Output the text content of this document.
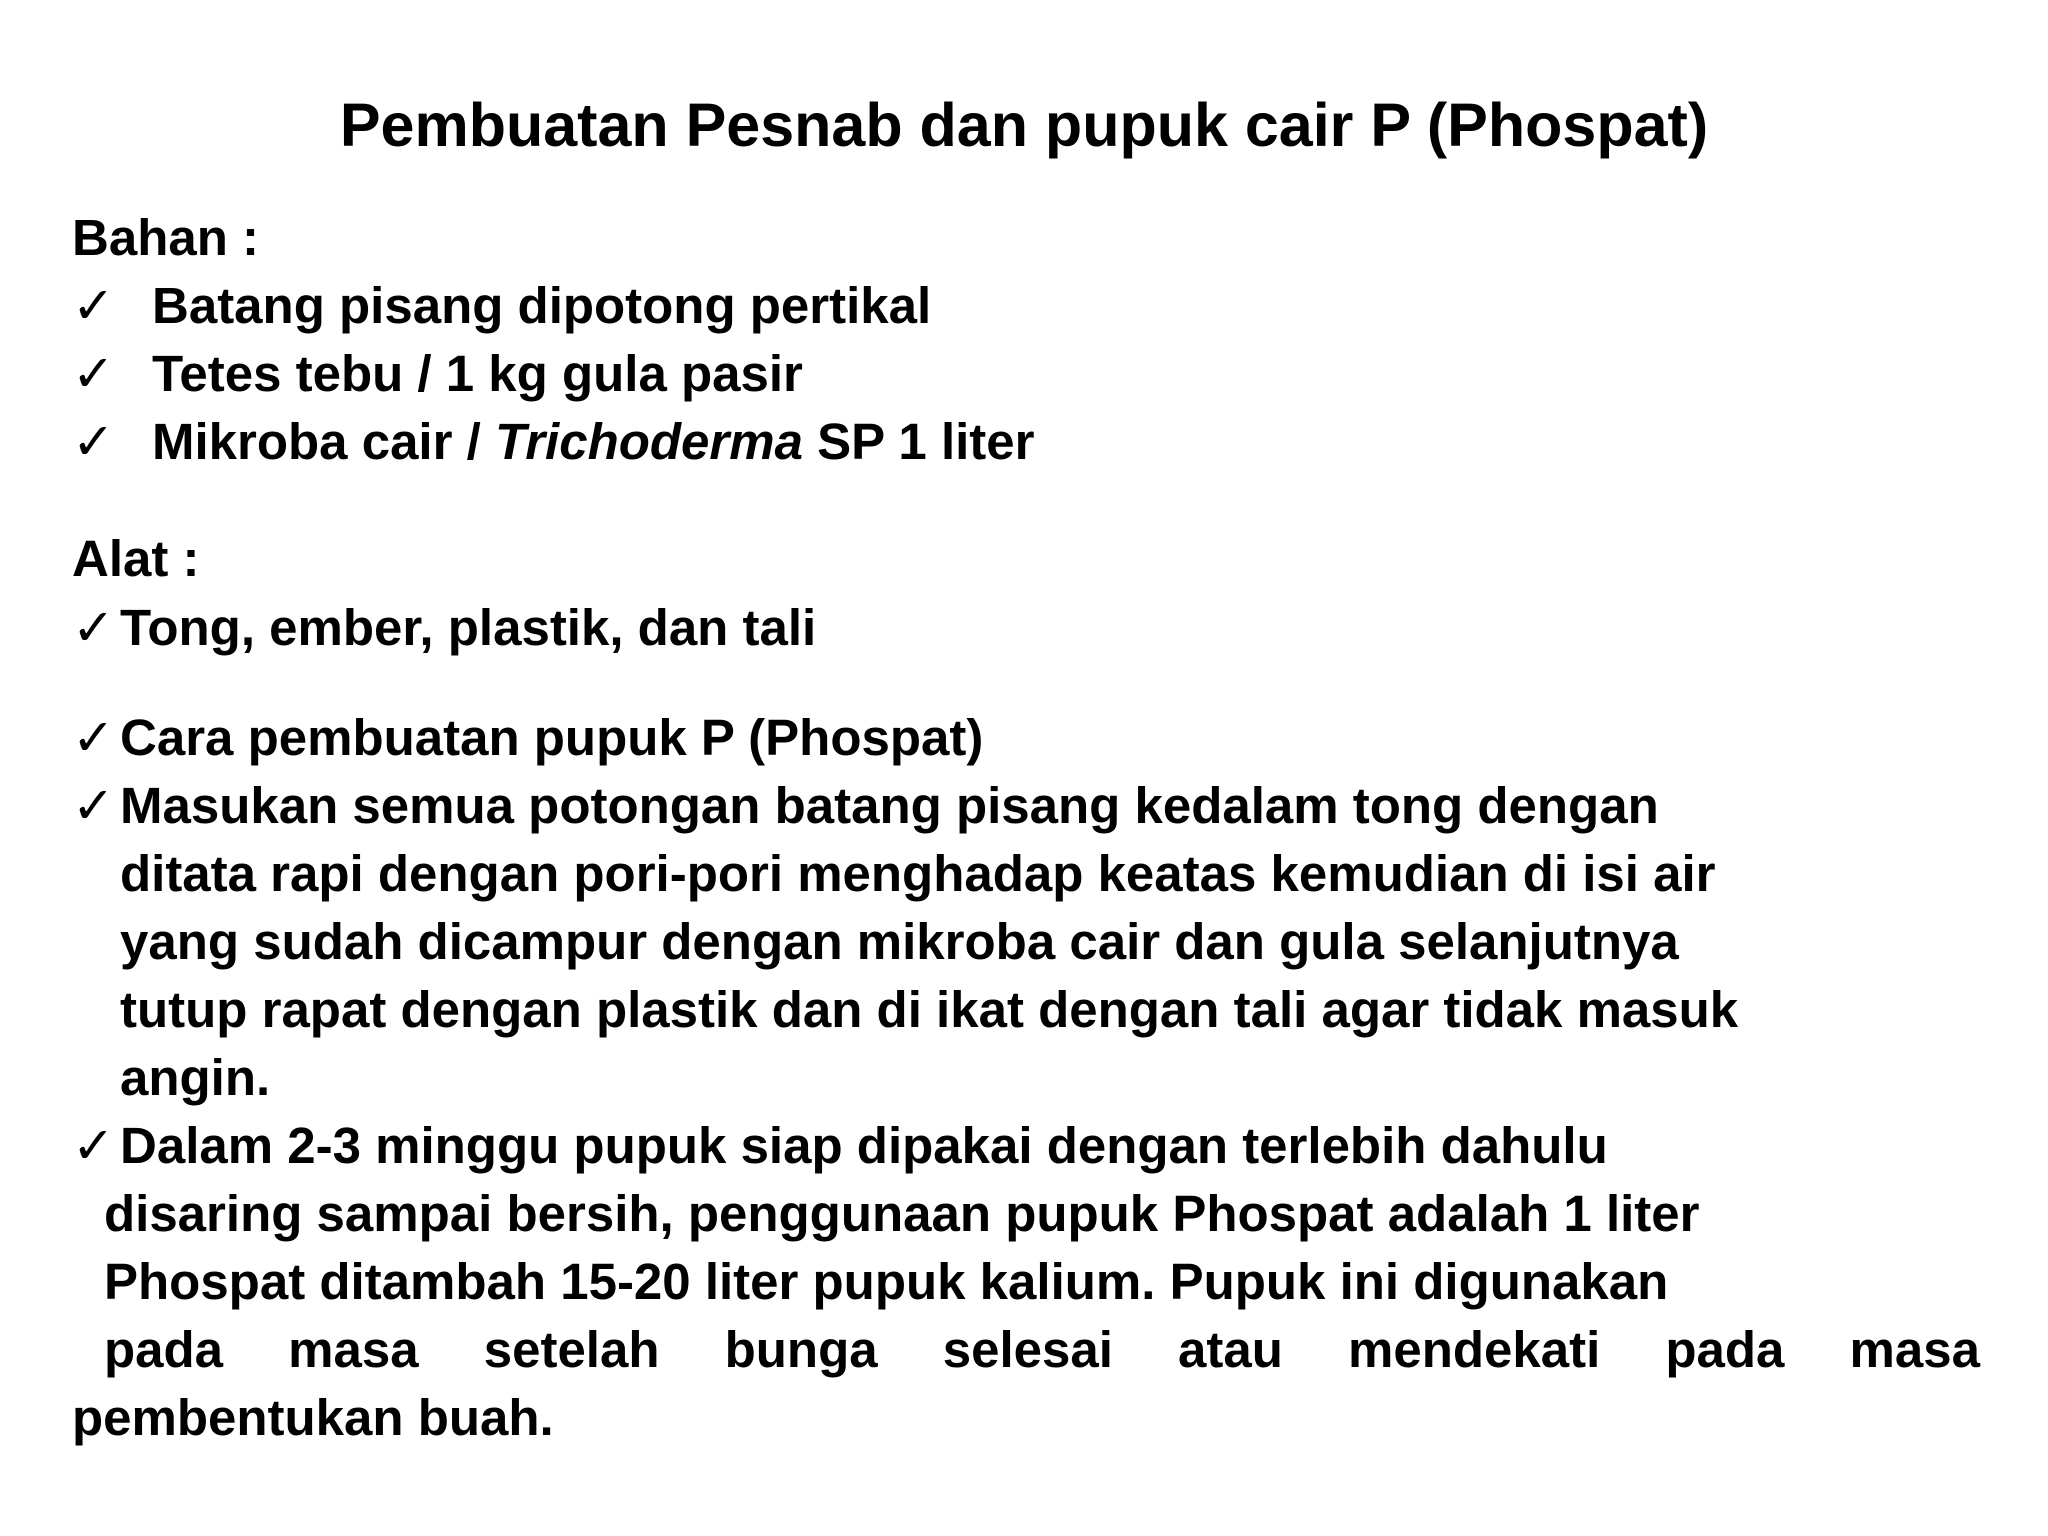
Pembuatan Pesnab dan pupuk cair P (Phospat)
Bahan :
✓ Batang pisang dipotong pertikal
✓ Tetes tebu / 1 kg gula pasir
✓ Mikroba cair / Trichoderma SP 1 liter
Alat :
✓ Tong, ember, plastik, dan tali
✓ Cara pembuatan pupuk P (Phospat)
✓ Masukan semua potongan batang pisang kedalam tong dengan
ditata rapi dengan pori-pori menghadap keatas kemudian di isi air
yang sudah dicampur dengan mikroba cair dan gula selanjutnya
tutup rapat dengan plastik dan di ikat dengan tali agar tidak masuk
angin.
✓ Dalam 2-3 minggu pupuk siap dipakai dengan terlebih dahulu
disaring sampai bersih, penggunaan pupuk Phospat adalah 1 liter
Phospat ditambah 15-20 liter pupuk kalium. Pupuk ini digunakan
pada masa setelah bunga selesai atau mendekati pada masa
pembentukan buah.
